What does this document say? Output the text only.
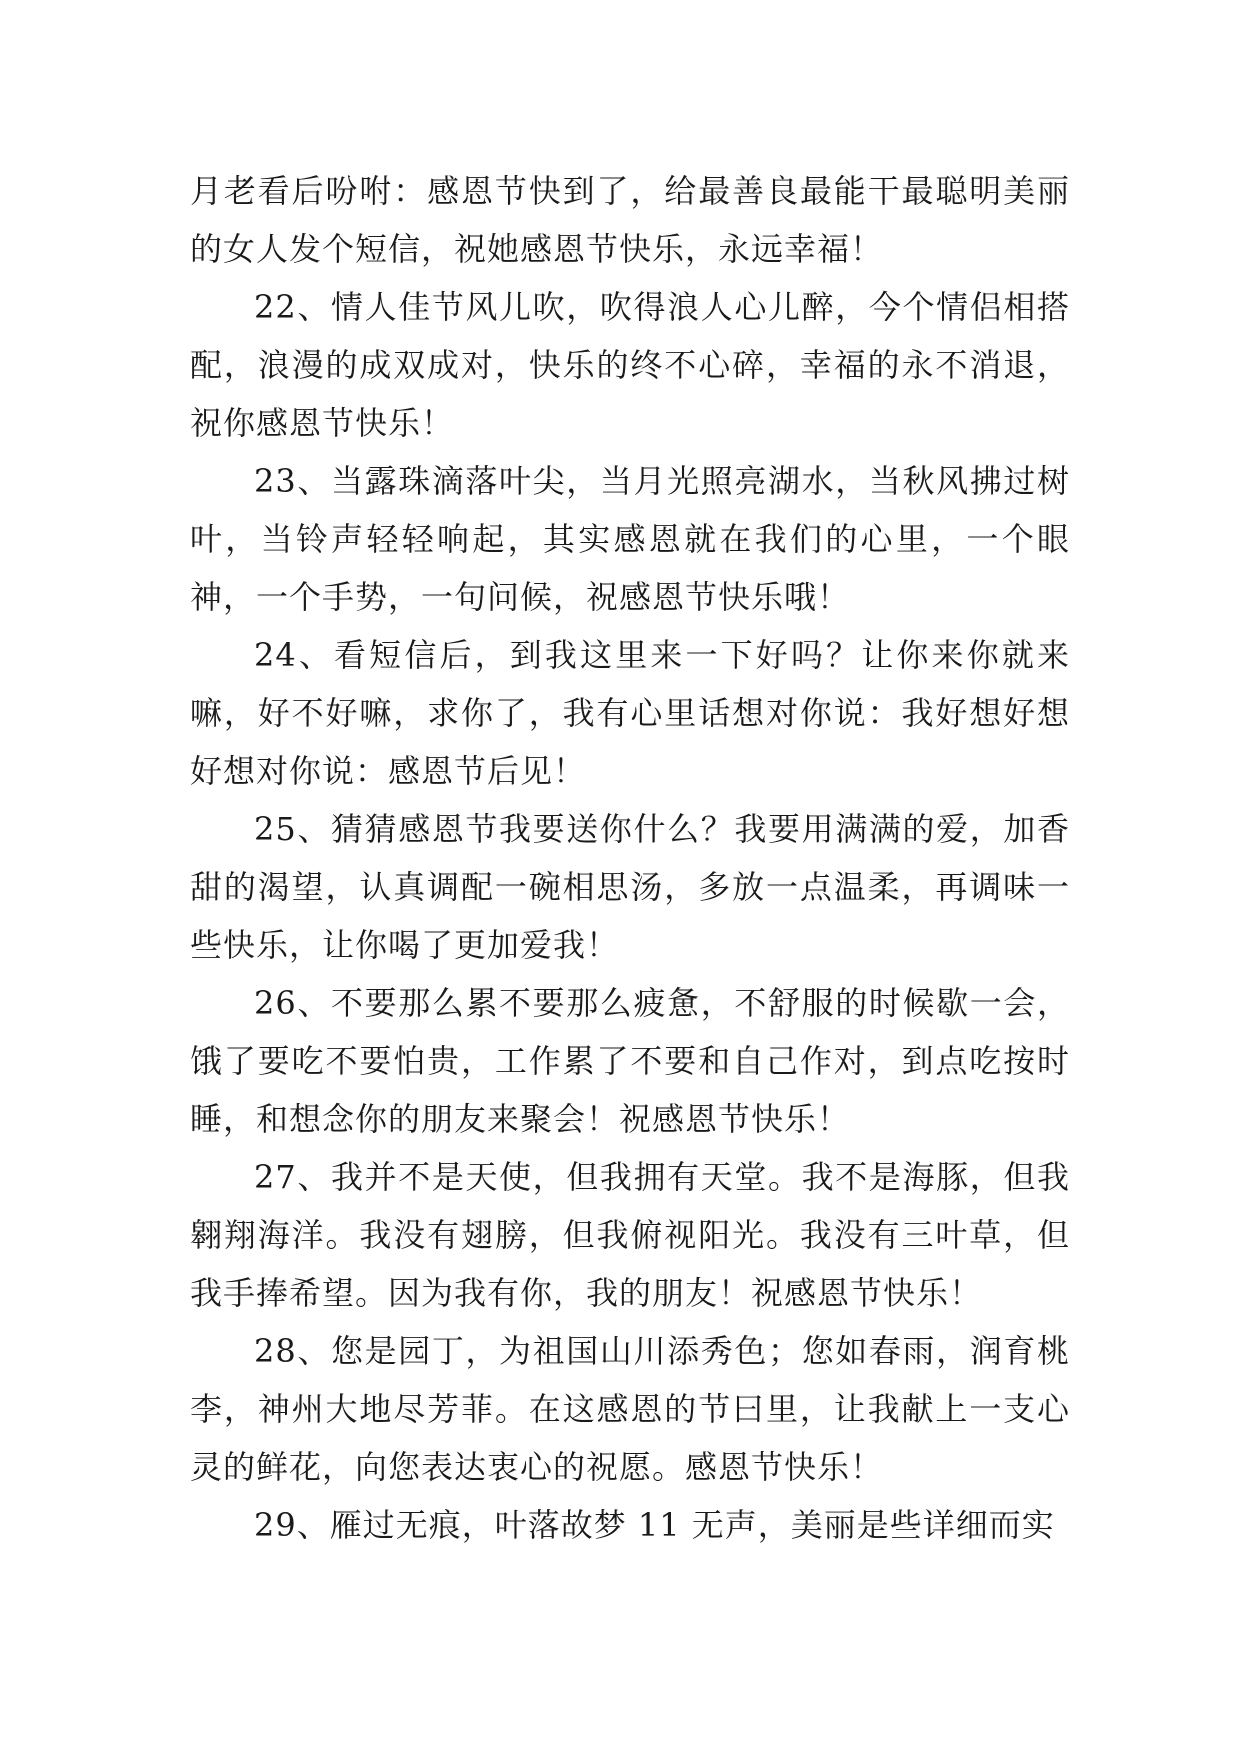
月老看后吩咐：感恩节快到了，给最善良最能干最聪明美丽的女人发个短信，祝她感恩节快乐，永远幸福！

22、情人佳节风儿吹，吹得浪人心儿醉，今个情侣相搭配，浪漫的成双成对，快乐的终不心碎，幸福的永不消退，祝你感恩节快乐！

23、当露珠滴落叶尖，当月光照亮湖水，当秋风拂过树叶，当铃声轻轻响起，其实感恩就在我们的心里，一个眼神，一个手势，一句问候，祝感恩节快乐哦！

24、看短信后，到我这里来一下好吗？让你来你就来嘛，好不好嘛，求你了，我有心里话想对你说：我好想好想好想对你说：感恩节后见！

25、猜猜感恩节我要送你什么？我要用满满的爱，加香甜的渴望，认真调配一碗相思汤，多放一点温柔，再调味一些快乐，让你喝了更加爱我！

26、不要那么累不要那么疲惫，不舒服的时候歇一会，饿了要吃不要怕贵，工作累了不要和自己作对，到点吃按时睡，和想念你的朋友来聚会！祝感恩节快乐！

27、我并不是天使，但我拥有天堂。我不是海豚，但我翱翔海洋。我没有翅膀，但我俯视阳光。我没有三叶草，但我手捧希望。因为我有你，我的朋友！祝感恩节快乐！

28、您是园丁，为祖国山川添秀色；您如春雨，润育桃李，神州大地尽芳菲。在这感恩的节曰里，让我献上一支心灵的鲜花，向您表达衷心的祝愿。感恩节快乐！

29、雁过无痕，叶落故梦 11 无声，美丽是些详细而实
